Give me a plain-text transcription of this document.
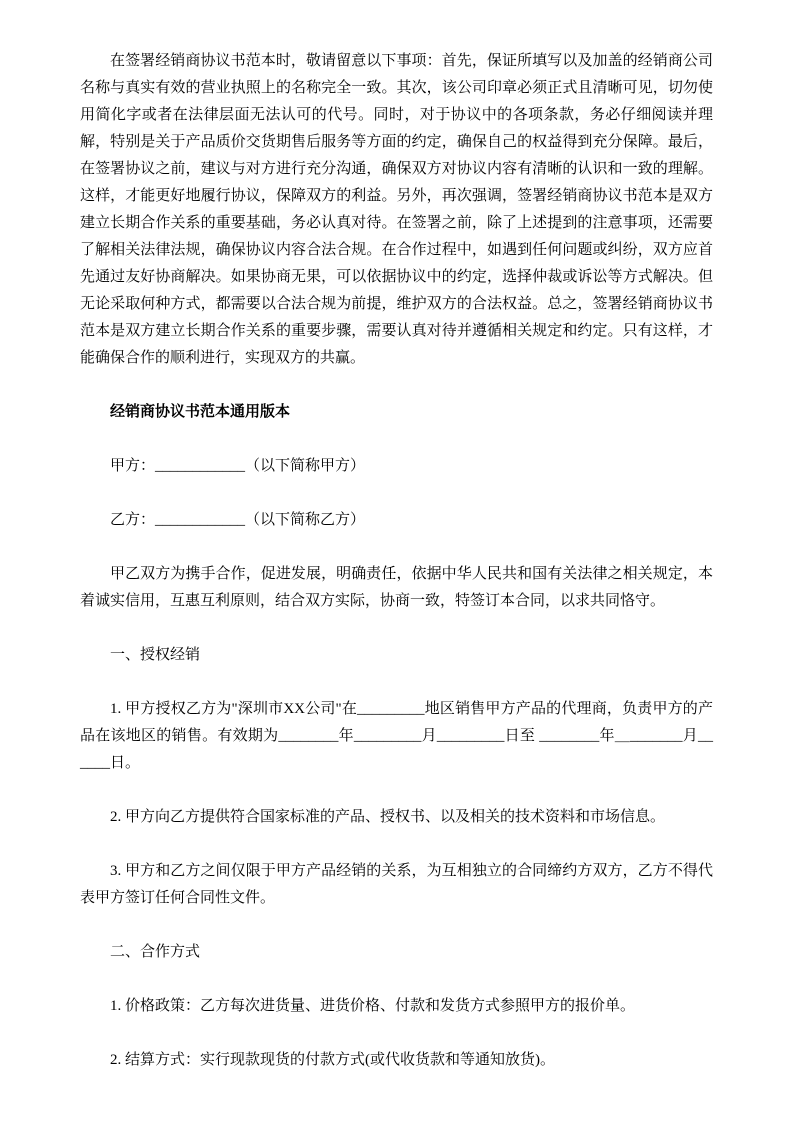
在签署经销商协议书范本时，敬请留意以下事项：首先，保证所填写以及加盖的经销商公司名称与真实有效的营业执照上的名称完全一致。其次，该公司印章必须正式且清晰可见，切勿使用简化字或者在法律层面无法认可的代号。同时，对于协议中的各项条款，务必仔细阅读并理解，特别是关于产品质价交货期售后服务等方面的约定，确保自己的权益得到充分保障。最后，在签署协议之前，建议与对方进行充分沟通，确保双方对协议内容有清晰的认识和一致的理解。这样，才能更好地履行协议，保障双方的利益。另外，再次强调，签署经销商协议书范本是双方建立长期合作关系的重要基础，务必认真对待。在签署之前，除了上述提到的注意事项，还需要了解相关法律法规，确保协议内容合法合规。在合作过程中，如遇到任何问题或纠纷，双方应首先通过友好协商解决。如果协商无果，可以依据协议中的约定，选择仲裁或诉讼等方式解决。但无论采取何种方式，都需要以合法合规为前提，维护双方的合法权益。总之，签署经销商协议书范本是双方建立长期合作关系的重要步骤，需要认真对待并遵循相关规定和约定。只有这样，才能确保合作的顺利进行，实现双方的共赢。

经销商协议书范本通用版本

甲方：____________（以下简称甲方）

乙方：____________（以下简称乙方）

甲乙双方为携手合作，促进发展，明确责任，依据中华人民共和国有关法律之相关规定，本着诚实信用，互惠互利原则，结合双方实际，协商一致，特签订本合同，以求共同恪守。

一、授权经销

1. 甲方授权乙方为"深圳市XX公司"在_________地区销售甲方产品的代理商，负责甲方的产品在该地区的销售。有效期为________年_________月_________日至 ________年＿_______月______日。

2. 甲方向乙方提供符合国家标准的产品、授权书、以及相关的技术资料和市场信息。

3. 甲方和乙方之间仅限于甲方产品经销的关系，为互相独立的合同缔约方双方，乙方不得代表甲方签订任何合同性文件。

二、合作方式

1. 价格政策：乙方每次进货量、进货价格、付款和发货方式参照甲方的报价单。

2. 结算方式：实行现款现货的付款方式(或代收货款和等通知放货)。
